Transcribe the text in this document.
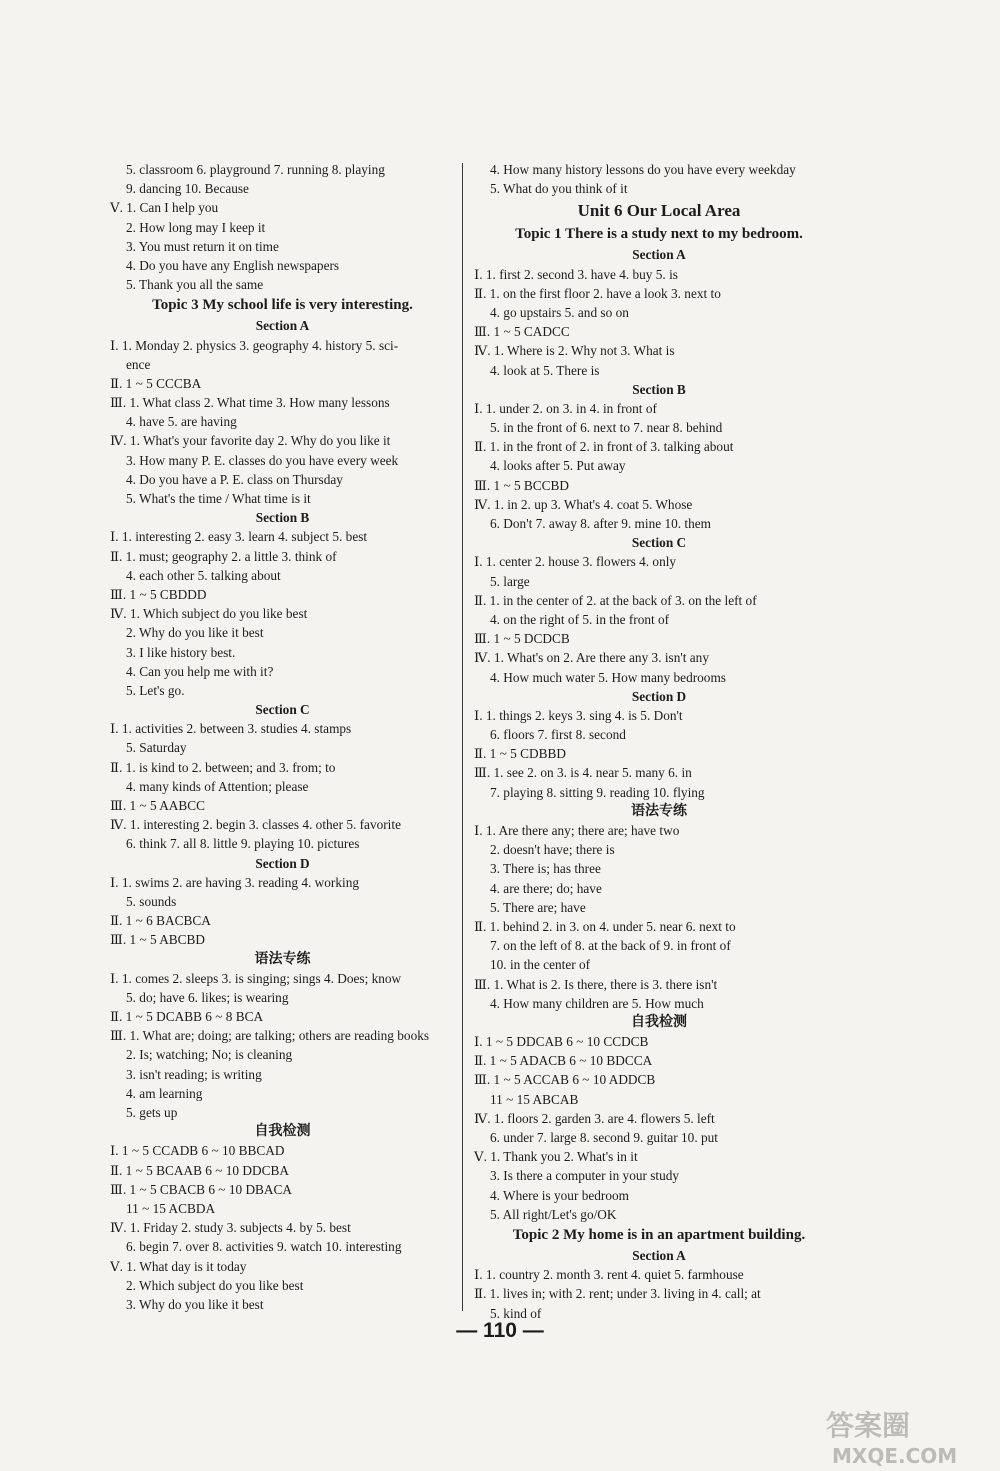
5. classroom 6. playground 7. running 8. playing
9. dancing 10. Because
Ⅴ. 1. Can I help you
2. How long may I keep it
3. You must return it on time
4. Do you have any English newspapers
5. Thank you all the same
Topic 3 My school life is very interesting.
Section A
Ⅰ. 1. Monday 2. physics 3. geography 4. history 5. sci-
ence
Ⅱ. 1 ~ 5 CCCBA
Ⅲ. 1. What class 2. What time 3. How many lessons
4. have 5. are having
Ⅳ. 1. What's your favorite day 2. Why do you like it
3. How many P. E. classes do you have every week
4. Do you have a P. E. class on Thursday
5. What's the time / What time is it
Section B
Ⅰ. 1. interesting 2. easy 3. learn 4. subject 5. best
Ⅱ. 1. must; geography 2. a little 3. think of
4. each other 5. talking about
Ⅲ. 1 ~ 5 CBDDD
Ⅳ. 1. Which subject do you like best
2. Why do you like it best
3. I like history best.
4. Can you help me with it?
5. Let's go.
Section C
Ⅰ. 1. activities 2. between 3. studies 4. stamps
5. Saturday
Ⅱ. 1. is kind to 2. between; and 3. from; to
4. many kinds of Attention; please
Ⅲ. 1 ~ 5 AABCC
Ⅳ. 1. interesting 2. begin 3. classes 4. other 5. favorite
6. think 7. all 8. little 9. playing 10. pictures
Section D
Ⅰ. 1. swims 2. are having 3. reading 4. working
5. sounds
Ⅱ. 1 ~ 6 BACBCA
Ⅲ. 1 ~ 5 ABCBD
语法专练
Ⅰ. 1. comes 2. sleeps 3. is singing; sings 4. Does; know
5. do; have 6. likes; is wearing
Ⅱ. 1 ~ 5 DCABB 6 ~ 8 BCA
Ⅲ. 1. What are; doing; are talking; others are reading books
2. Is; watching; No; is cleaning
3. isn't reading; is writing
4. am learning
5. gets up
自我检测
Ⅰ. 1 ~ 5 CCADB 6 ~ 10 BBCAD
Ⅱ. 1 ~ 5 BCAAB 6 ~ 10 DDCBA
Ⅲ. 1 ~ 5 CBACB 6 ~ 10 DBACA
11 ~ 15 ACBDA
Ⅳ. 1. Friday 2. study 3. subjects 4. by 5. best
6. begin 7. over 8. activities 9. watch 10. interesting
Ⅴ. 1. What day is it today
2. Which subject do you like best
3. Why do you like it best
4. How many history lessons do you have every weekday
5. What do you think of it
Unit 6 Our Local Area
Topic 1 There is a study next to my bedroom.
Section A
Ⅰ. 1. first 2. second 3. have 4. buy 5. is
Ⅱ. 1. on the first floor 2. have a look 3. next to
4. go upstairs 5. and so on
Ⅲ. 1 ~ 5 CADCC
Ⅳ. 1. Where is 2. Why not 3. What is
4. look at 5. There is
Section B
Ⅰ. 1. under 2. on 3. in 4. in front of
5. in the front of 6. next to 7. near 8. behind
Ⅱ. 1. in the front of 2. in front of 3. talking about
4. looks after 5. Put away
Ⅲ. 1 ~ 5 BCCBD
Ⅳ. 1. in 2. up 3. What's 4. coat 5. Whose
6. Don't 7. away 8. after 9. mine 10. them
Section C
Ⅰ. 1. center 2. house 3. flowers 4. only
5. large
Ⅱ. 1. in the center of 2. at the back of 3. on the left of
4. on the right of 5. in the front of
Ⅲ. 1 ~ 5 DCDCB
Ⅳ. 1. What's on 2. Are there any 3. isn't any
4. How much water 5. How many bedrooms
Section D
Ⅰ. 1. things 2. keys 3. sing 4. is 5. Don't
6. floors 7. first 8. second
Ⅱ. 1 ~ 5 CDBBD
Ⅲ. 1. see 2. on 3. is 4. near 5. many 6. in
7. playing 8. sitting 9. reading 10. flying
语法专练
Ⅰ. 1. Are there any; there are; have two
2. doesn't have; there is
3. There is; has three
4. are there; do; have
5. There are; have
Ⅱ. 1. behind 2. in 3. on 4. under 5. near 6. next to
7. on the left of 8. at the back of 9. in front of
10. in the center of
Ⅲ. 1. What is 2. Is there, there is 3. there isn't
4. How many children are 5. How much
自我检测
Ⅰ. 1 ~ 5 DDCAB 6 ~ 10 CCDCB
Ⅱ. 1 ~ 5 ADACB 6 ~ 10 BDCCA
Ⅲ. 1 ~ 5 ACCAB 6 ~ 10 ADDCB
11 ~ 15 ABCAB
Ⅳ. 1. floors 2. garden 3. are 4. flowers 5. left
6. under 7. large 8. second 9. guitar 10. put
Ⅴ. 1. Thank you 2. What's in it
3. Is there a computer in your study
4. Where is your bedroom
5. All right/Let's go/OK
Topic 2 My home is in an apartment building.
Section A
Ⅰ. 1. country 2. month 3. rent 4. quiet 5. farmhouse
Ⅱ. 1. lives in; with 2. rent; under 3. living in 4. call; at
5. kind of
— 110 —
答案圈
MXQE.COM
